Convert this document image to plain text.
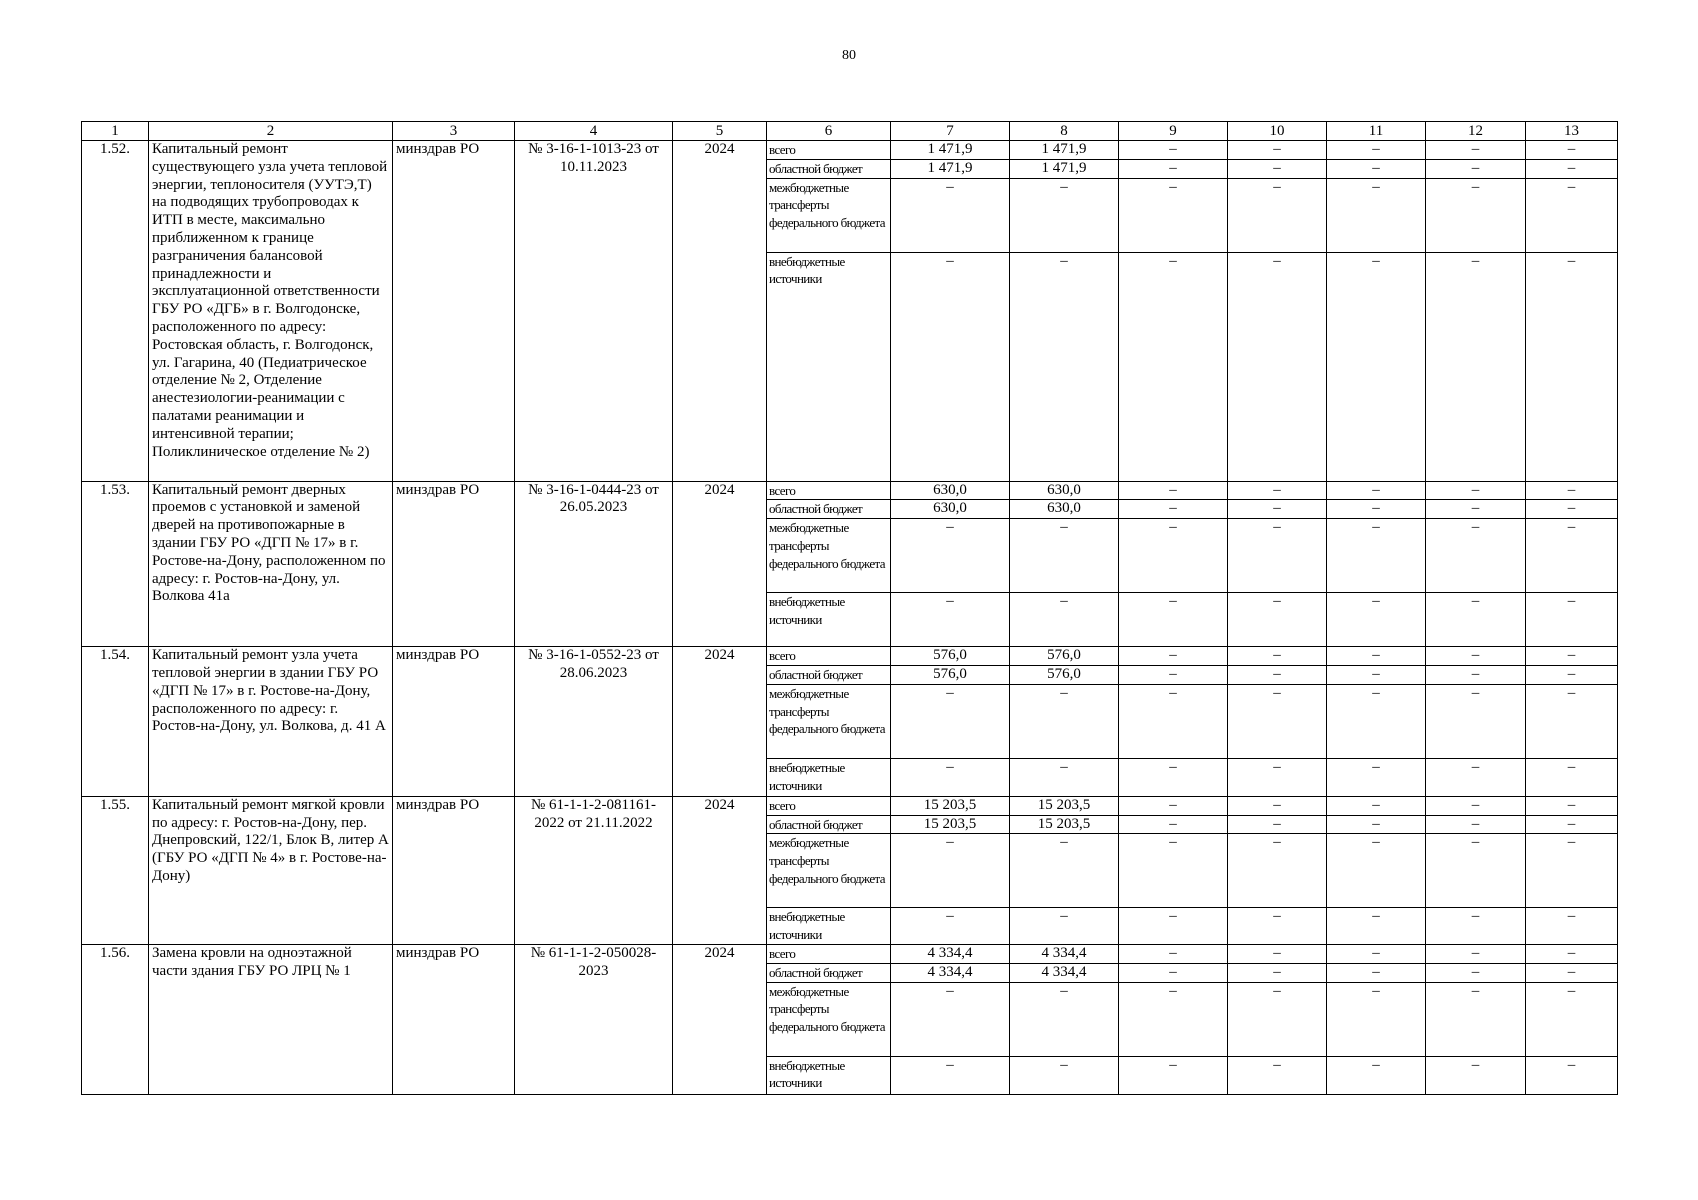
80
1	2	3	4	5	6	7	8	9	10	11	12	13
1.52.	Капитальный ремонт существующего узла учета тепловой энергии, теплоносителя (УУТЭ,Т) на подводящих трубопроводах к ИТП в месте, максимально приближенном к границе разграничения балансовой принадлежности и эксплуатационной ответственности ГБУ РО «ДГБ» в г. Волгодонске, расположенного по адресу: Ростовская область, г. Волгодонск, ул. Гагарина, 40 (Педиатрическое отделение № 2, Отделение анестезиологии-реанимации с палатами реанимации и интенсивной терапии; Поликлиническое отделение № 2)	минздрав РО	№ 3-16-1-1013-23 от 10.11.2023	2024	всего	1 471,9	1 471,9	–	–	–	–	–
					областной бюджет	1 471,9	1 471,9	–	–	–	–	–
					межбюджетные трансферты федерального бюджета	–	–	–	–	–	–	–
					внебюджетные источники	–	–	–	–	–	–	–
1.53.	Капитальный ремонт дверных проемов с установкой и заменой дверей на противопожарные в здании ГБУ РО «ДГП № 17» в г. Ростове-на-Дону, расположенном по адресу: г. Ростов-на-Дону, ул. Волкова 41а	минздрав РО	№ 3-16-1-0444-23 от 26.05.2023	2024	всего	630,0	630,0	–	–	–	–	–
					областной бюджет	630,0	630,0	–	–	–	–	–
					межбюджетные трансферты федерального бюджета	–	–	–	–	–	–	–
					внебюджетные источники	–	–	–	–	–	–	–
1.54.	Капитальный ремонт узла учета тепловой энергии в здании ГБУ РО «ДГП № 17» в г. Ростове-на-Дону, расположенного по адресу: г. Ростов-на-Дону, ул. Волкова, д. 41 А	минздрав РО	№ 3-16-1-0552-23 от 28.06.2023	2024	всего	576,0	576,0	–	–	–	–	–
					областной бюджет	576,0	576,0	–	–	–	–	–
					межбюджетные трансферты федерального бюджета	–	–	–	–	–	–	–
					внебюджетные источники	–	–	–	–	–	–	–
1.55.	Капитальный ремонт мягкой кровли по адресу: г. Ростов-на-Дону, пер. Днепровский, 122/1, Блок В, литер А (ГБУ РО «ДГП № 4» в г. Ростове-на-Дону)	минздрав РО	№ 61-1-1-2-081161-2022 от 21.11.2022	2024	всего	15 203,5	15 203,5	–	–	–	–	–
					областной бюджет	15 203,5	15 203,5	–	–	–	–	–
					межбюджетные трансферты федерального бюджета	–	–	–	–	–	–	–
					внебюджетные источники	–	–	–	–	–	–	–
1.56.	Замена кровли на одноэтажной части здания ГБУ РО ЛРЦ № 1	минздрав РО	№ 61-1-1-2-050028-2023	2024	всего	4 334,4	4 334,4	–	–	–	–	–
					областной бюджет	4 334,4	4 334,4	–	–	–	–	–
					межбюджетные трансферты федерального бюджета	–	–	–	–	–	–	–
					внебюджетные источники	–	–	–	–	–	–	–
